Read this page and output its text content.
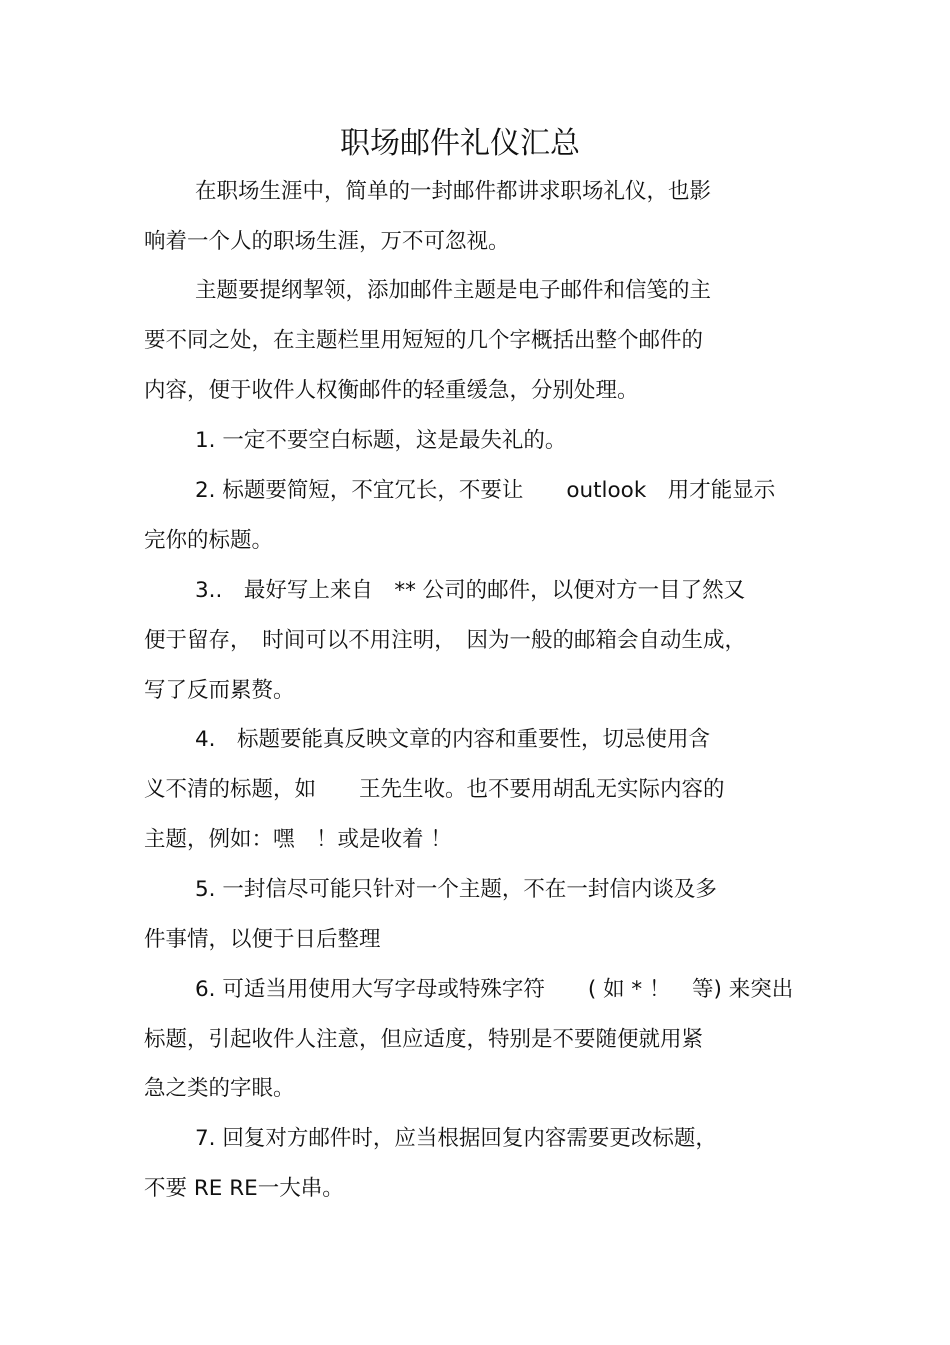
职场邮件礼仪汇总
在职场生涯中，简单的一封邮件都讲求职场礼仪，也影
响着一个人的职场生涯，万不可忽视。
主题要提纲挈领，添加邮件主题是电子邮件和信笺的主
要不同之处，在主题栏里用短短的几个字概括出整个邮件的
内容，便于收件人权衡邮件的轻重缓急，分别处理。
1. 一定不要空白标题，这是最失礼的。
2. 标题要简短，不宜冗长，不要让　　outlook　用才能显示
完你的标题。
3..　最好写上来自　** 公司的邮件，以便对方一目了然又
便于留存，　时间可以不用注明，　因为一般的邮箱会自动生成，
写了反而累赘。
4.　标题要能真反映文章的内容和重要性，切忌使用含
义不清的标题，如　　王先生收。也不要用胡乱无实际内容的
主题，例如：嘿　！或是收着 ！
5. 一封信尽可能只针对一个主题，不在一封信内谈及多
件事情，以便于日后整理
6. 可适当用使用大写字母或特殊字符　　( 如 * ！　等) 来突出
标题，引起收件人注意，但应适度，特别是不要随便就用紧
急之类的字眼。
7. 回复对方邮件时，应当根据回复内容需要更改标题，
不要 RE RE一大串。
